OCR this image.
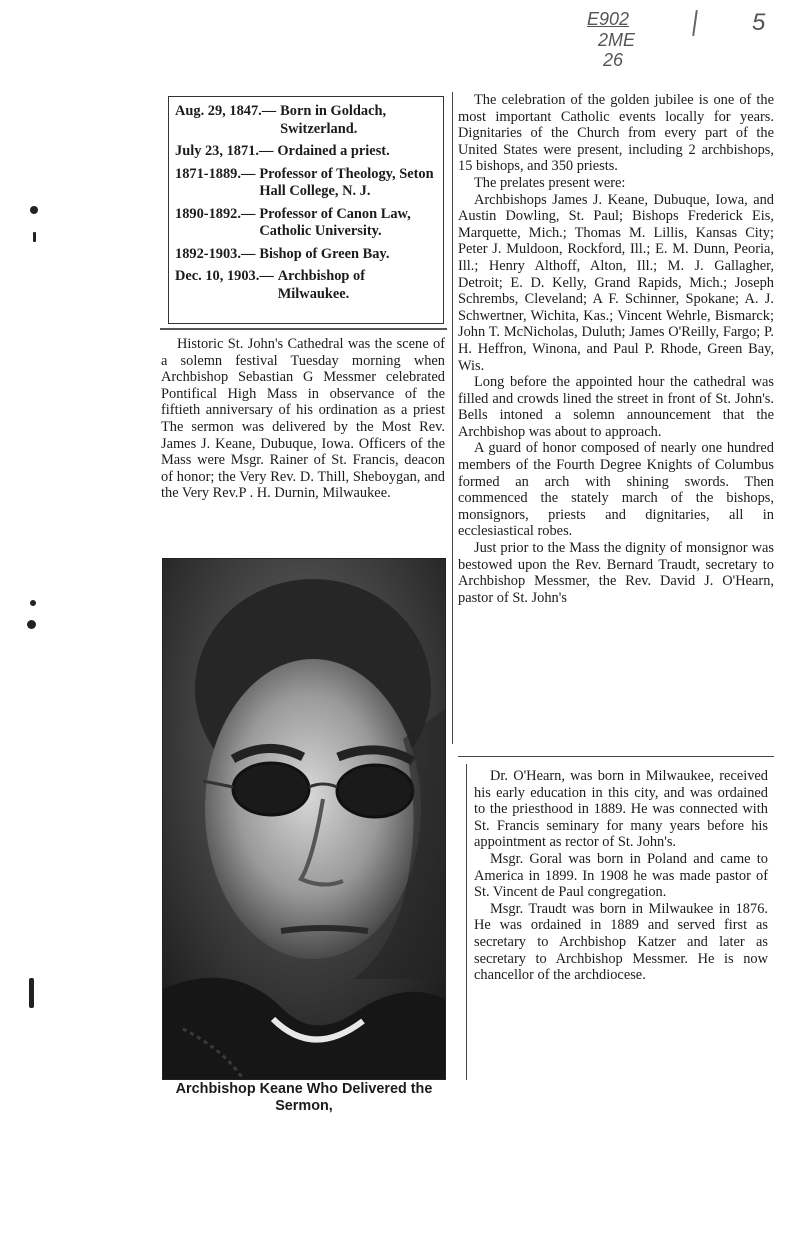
E902
2ME
26
5
Aug. 29, 1847.— Born in Goldach, Switzerland.
July 23, 1871.— Ordained a priest.
1871-1889.— Professor of Theology, Seton Hall College, N. J.
1890-1892.— Professor of Canon Law, Catholic University.
1892-1903.— Bishop of Green Bay.
Dec. 10, 1903.— Archbishop of Milwaukee.

Historic St. John's Cathedral was the scene of a solemn festival Tuesday morning when Archbishop Sebastian G Messmer celebrated Pontifical High Mass in observance of the fiftieth anniversary of his ordination as a priest The sermon was delivered by the Most Rev. James J. Keane, Dubuque, Iowa. Officers of the Mass were Msgr. Rainer of St. Francis, deacon of honor; the Very Rev. D. Thill, Sheboygan, and the Very Rev.P . H. Durnin, Milwaukee.

Archbishop Keane Who Delivered the
Sermon,

The celebration of the golden jubilee is one of the most important Catholic events locally for years. Dignitaries of the Church from every part of the United States were present, including 2 archbishops, 15 bishops, and 350 priests.

The prelates present were:

Archbishops James J. Keane, Dubuque, Iowa, and Austin Dowling, St. Paul; Bishops Frederick Eis, Marquette, Mich.; Thomas M. Lillis, Kansas City; Peter J. Muldoon, Rockford, Ill.; E. M. Dunn, Peoria, Ill.; Henry Althoff, Alton, Ill.; M. J. Gallagher, Detroit; E. D. Kelly, Grand Rapids, Mich.; Joseph Schrembs, Cleveland; A F. Schinner, Spokane; A. J. Schwertner, Wichita, Kas.; Vincent Wehrle, Bismarck; John T. McNicholas, Duluth; James O'Reilly, Fargo; P. H. Heffron, Winona, and Paul P. Rhode, Green Bay, Wis.

Long before the appointed hour the cathedral was filled and crowds lined the street in front of St. John's. Bells intoned a solemn announcement that the Archbishop was about to approach.

A guard of honor composed of nearly one hundred members of the Fourth Degree Knights of Columbus formed an arch with shining swords. Then commenced the stately march of the bishops, monsignors, priests and dignitaries, all in ecclesiastical robes.

Just prior to the Mass the dignity of monsignor was bestowed upon the Rev. Bernard Traudt, secretary to Archbishop Messmer, the Rev. David J. O'Hearn, pastor of St. John's

Dr. O'Hearn, was born in Milwaukee, received his early education in this city, and was ordained to the priesthood in 1889. He was connected with St. Francis seminary for many years before his appointment as rector of St. John's.

Msgr. Goral was born in Poland and came to America in 1899. In 1908 he was made pastor of St. Vincent de Paul congregation.

Msgr. Traudt was born in Milwaukee in 1876. He was ordained in 1889 and served first as secretary to Archbishop Katzer and later as secretary to Archbishop Messmer. He is now chancellor of the archdiocese.
